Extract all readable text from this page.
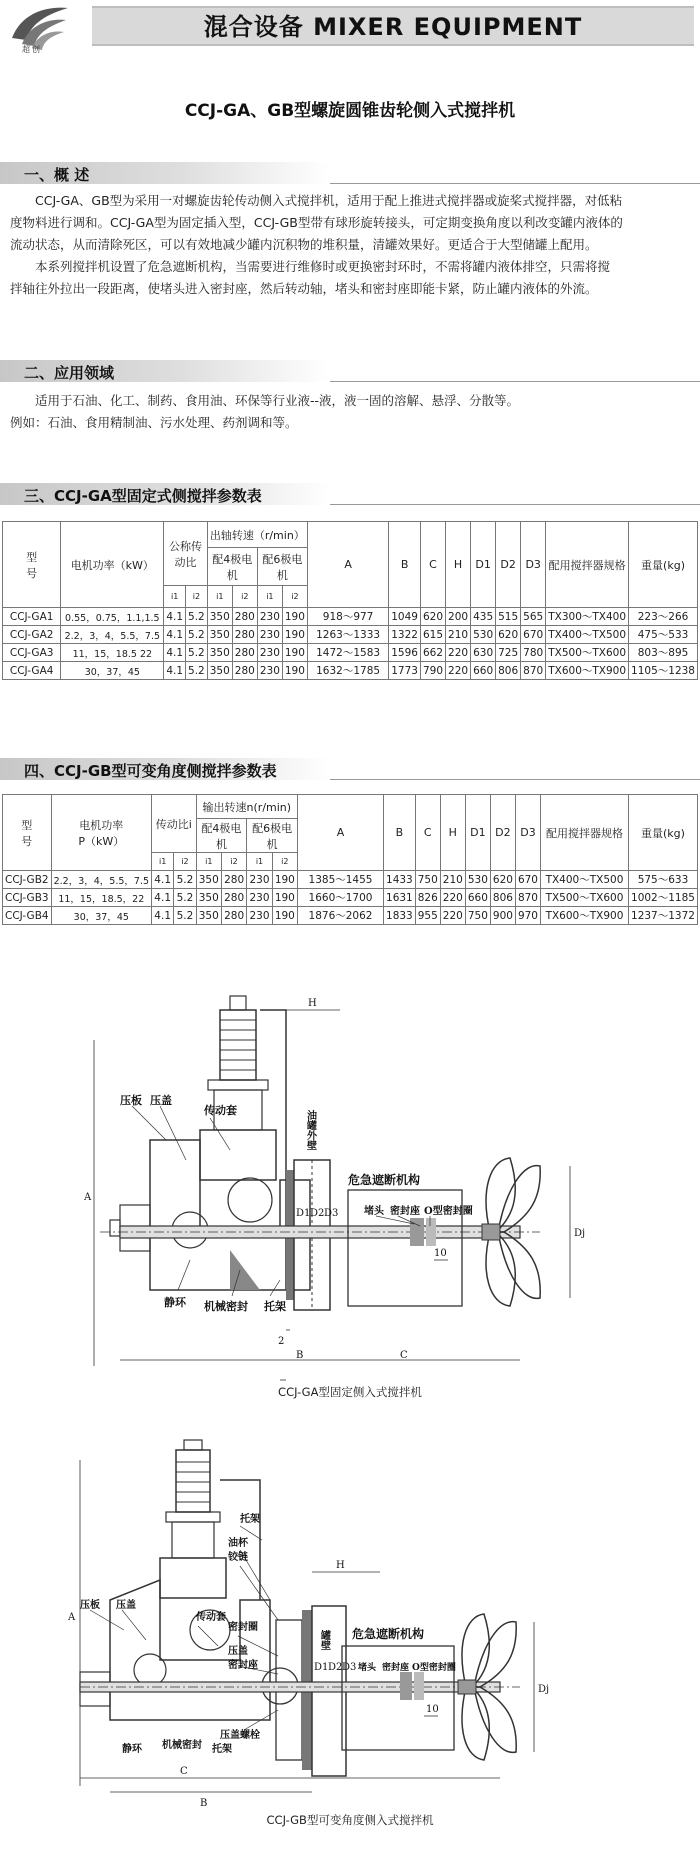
超创
混合设备 MIXER EQUIPMENT
CCJ-GA、GB型螺旋圆锥齿轮侧入式搅拌机
一、概 述
CCJ-GA、GB型为采用一对螺旋齿轮传动侧入式搅拌机，适用于配上推进式搅拌器或旋桨式搅拌器，对低粘
度物料进行调和。CCJ-GA型为固定插入型，CCJ-GB型带有球形旋转接头，可定期变换角度以利改变罐内液体的
流动状态，从而清除死区，可以有效地减少罐内沉积物的堆积量，清罐效果好。更适合于大型储罐上配用。
本系列搅拌机设置了危急遮断机构，当需要进行维修时或更换密封环时，不需将罐内液体排空，只需将搅
拌轴往外拉出一段距离，使堵头进入密封座，然后转动轴，堵头和密封座即能卡紧，防止罐内液体的外流。
二、应用领域
适用于石油、化工、制药、食用油、环保等行业液--液，液一固的溶解、悬浮、分散等。
例如：石油、食用精制油、污水处理、药剂调和等。
三、CCJ-GA型固定式侧搅拌参数表
型
号	电机功率（kW）	公称传动比		出轴转速（r/min）				A	B	C	H	D1	D2	D3	配用搅拌器规格	重量(kg)
				配4极电机		配6极电机										
		i1	i2	i1	i2	i1	i2									
CCJ-GA1	0.55，0.75，1.1,1.5	4.1	5.2	350	280	230	190	918～977	1049	620	200	435	515	565	TX300～TX400	223～266
CCJ-GA2	2.2，3，4，5.5，7.5	4.1	5.2	350	280	230	190	1263～1333	1322	615	210	530	620	670	TX400～TX500	475～533
CCJ-GA3	11，15，18.5 22	4.1	5.2	350	280	230	190	1472～1583	1596	662	220	630	725	780	TX500～TX600	803～895
CCJ-GA4	30，37，45	4.1	5.2	350	280	230	190	1632～1785	1773	790	220	660	806	870	TX600～TX900	1105～1238
四、CCJ-GB型可变角度侧搅拌参数表
型
号	电机功率
P（kW）	传动比i		输出转速n(r/min)				A	B	C	H	D1	D2	D3	配用搅拌器规格	重量(kg)
				配4极电机		配6极电机										
		i1	i2	i1	i2	i1	i2									
CCJ-GB2	2.2，3，4，5.5，7.5	4.1	5.2	350	280	230	190	1385～1455	1433	750	210	530	620	670	TX400～TX500	575～633
CCJ-GB3	11，15，18.5，22	4.1	5.2	350	280	230	190	1660～1700	1631	826	220	660	806	870	TX500～TX600	1002～1185
CCJ-GB4	30，37，45	4.1	5.2	350	280	230	190	1876～2062	1833	955	220	750	900	970	TX600～TX900	1237～1372
压板 压盖
传动套
静环 机械密封 托架
油罐外壁
危急遮断机构
堵头 密封座 O型密封圈
A
B	C
H
2
10
D1 D2 D3
Dj
CCJ-GA型固定侧入式搅拌机
压板 压盖
传动套
托架
油杯
铰链
密封圈
压盖
密封座
压盖螺栓
静环 机械密封 托架
罐壁 危急遮断机构
堵头 密封座 O型密封圈
A
B
C
H
10
D1 D2 D3
Dj
CCJ-GB型可变角度侧入式搅拌机
